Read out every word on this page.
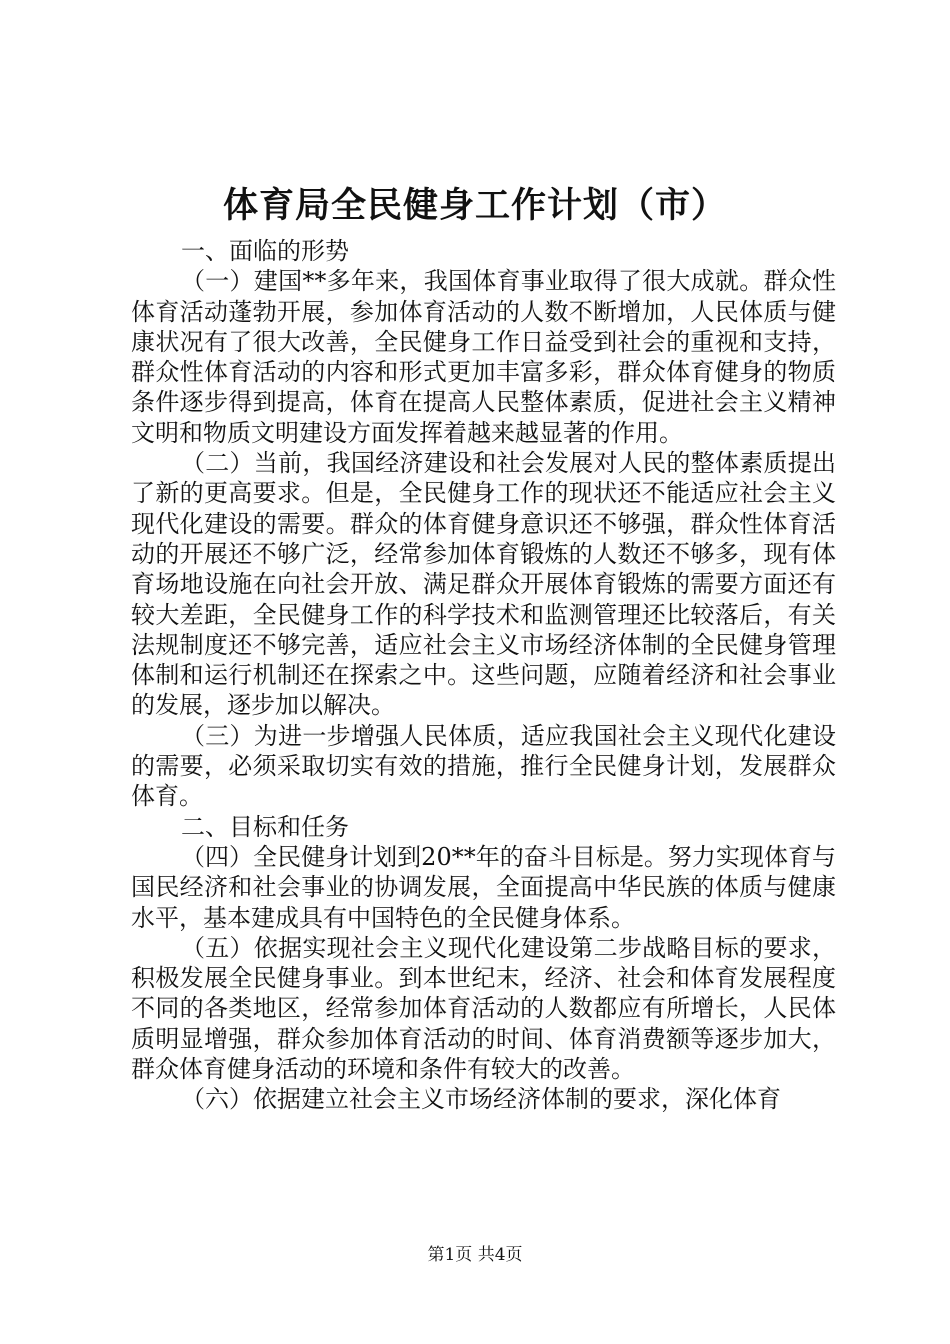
体育局全民健身工作计划（市）

一、面临的形势

（一）建国**多年来，我国体育事业取得了很大成就。群众性体育活动蓬勃开展，参加体育活动的人数不断增加，人民体质与健康状况有了很大改善，全民健身工作日益受到社会的重视和支持，群众性体育活动的内容和形式更加丰富多彩，群众体育健身的物质条件逐步得到提高，体育在提高人民整体素质，促进社会主义精神文明和物质文明建设方面发挥着越来越显著的作用。

（二）当前，我国经济建设和社会发展对人民的整体素质提出了新的更高要求。但是，全民健身工作的现状还不能适应社会主义现代化建设的需要。群众的体育健身意识还不够强，群众性体育活动的开展还不够广泛，经常参加体育锻炼的人数还不够多，现有体育场地设施在向社会开放、满足群众开展体育锻炼的需要方面还有较大差距，全民健身工作的科学技术和监测管理还比较落后，有关法规制度还不够完善，适应社会主义市场经济体制的全民健身管理体制和运行机制还在探索之中。这些问题，应随着经济和社会事业的发展，逐步加以解决。

（三）为进一步增强人民体质，适应我国社会主义现代化建设的需要，必须采取切实有效的措施，推行全民健身计划，发展群众体育。

二、目标和任务

（四）全民健身计划到20**年的奋斗目标是。努力实现体育与国民经济和社会事业的协调发展，全面提高中华民族的体质与健康水平，基本建成具有中国特色的全民健身体系。

（五）依据实现社会主义现代化建设第二步战略目标的要求，积极发展全民健身事业。到本世纪末，经济、社会和体育发展程度不同的各类地区，经常参加体育活动的人数都应有所增长，人民体质明显增强，群众参加体育活动的时间、体育消费额等逐步加大，群众体育健身活动的环境和条件有较大的改善。

（六）依据建立社会主义市场经济体制的要求，深化体育

第1页 共4页
